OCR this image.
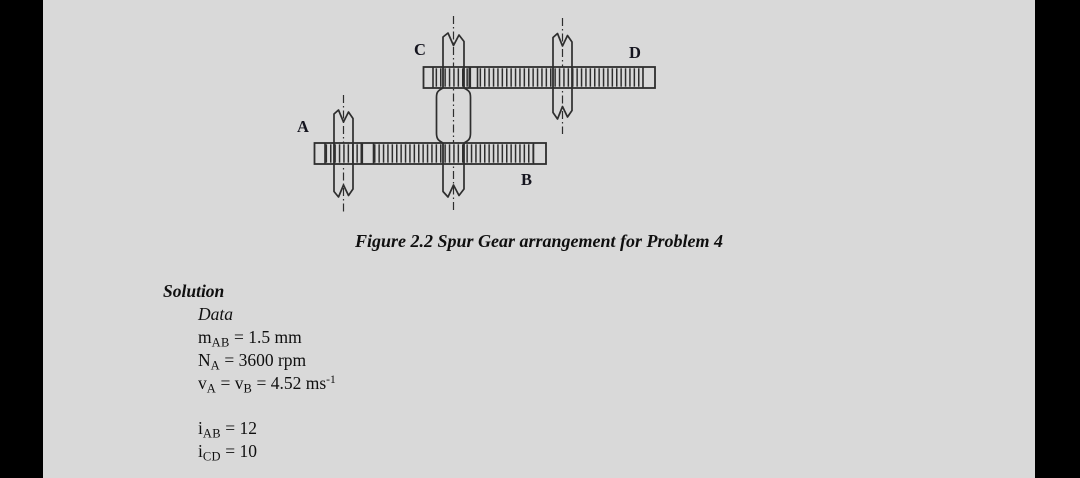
A
B
C	D
Figure 2.2 Spur Gear arrangement for Problem 4
Solution
Data
$m_{AB} = 1.5$ mm
$N_A = 3600$ rpm
$v_A = v_B = 4.52$ $ms^{-1}$
$i_{AB} = 12$
$i_{CD} = 10$
